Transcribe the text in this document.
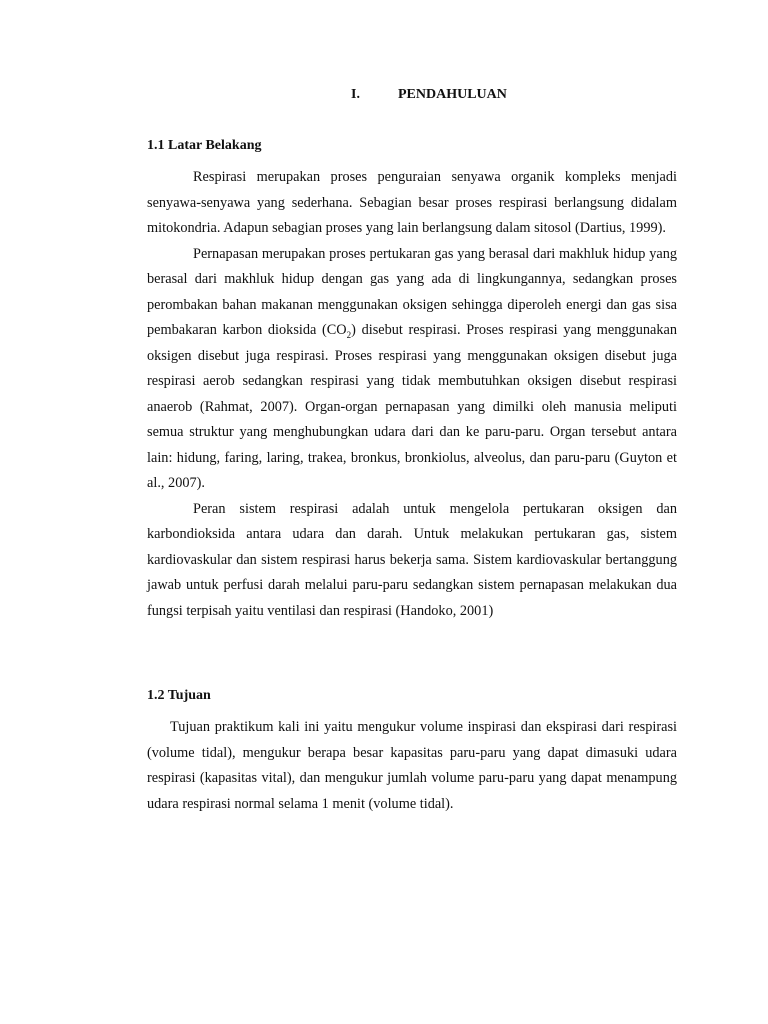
I.	PENDAHULUAN
1.1 Latar Belakang

Respirasi merupakan proses penguraian senyawa organik kompleks menjadi senyawa-senyawa yang sederhana. Sebagian besar proses respirasi berlangsung didalam mitokondria. Adapun sebagian proses yang lain berlangsung dalam sitosol (Dartius, 1999).

Pernapasan merupakan proses pertukaran gas yang berasal dari makhluk hidup yang berasal dari makhluk hidup dengan gas yang ada di lingkungannya, sedangkan proses perombakan bahan makanan menggunakan oksigen sehingga diperoleh energi dan gas sisa pembakaran karbon dioksida $(CO_2)$ disebut respirasi. Proses respirasi yang menggunakan oksigen disebut juga respirasi. Proses respirasi yang menggunakan oksigen disebut juga respirasi aerob sedangkan respirasi yang tidak membutuhkan oksigen disebut respirasi anaerob (Rahmat, 2007). Organ-organ pernapasan yang dimilki oleh manusia meliputi semua struktur yang menghubungkan udara dari dan ke paru-paru. Organ tersebut antara lain: hidung, faring, laring, trakea, bronkus, bronkiolus, alveolus, dan paru-paru (Guyton et al., 2007).

Peran sistem respirasi adalah untuk mengelola pertukaran oksigen dan karbondioksida antara udara dan darah. Untuk melakukan pertukaran gas, sistem kardiovaskular dan sistem respirasi harus bekerja sama. Sistem kardiovaskular bertanggung jawab untuk perfusi darah melalui paru-paru sedangkan sistem pernapasan melakukan dua fungsi terpisah yaitu ventilasi dan respirasi (Handoko, 2001)

1.2 Tujuan

Tujuan praktikum kali ini yaitu mengukur volume inspirasi dan ekspirasi dari respirasi (volume tidal), mengukur berapa besar kapasitas paru-paru yang dapat dimasuki udara respirasi (kapasitas vital), dan mengukur jumlah volume paru-paru yang dapat menampung udara respirasi normal selama 1 menit (volume tidal).
